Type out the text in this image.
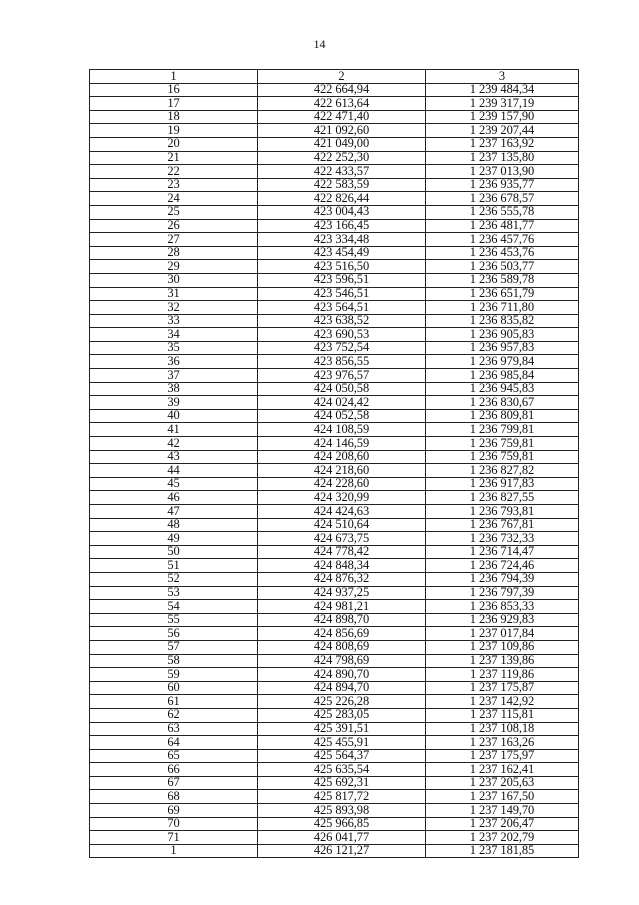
14
1	2	3
16	422 664,94	1 239 484,34
17	422 613,64	1 239 317,19
18	422 471,40	1 239 157,90
19	421 092,60	1 239 207,44
20	421 049,00	1 237 163,92
21	422 252,30	1 237 135,80
22	422 433,57	1 237 013,90
23	422 583,59	1 236 935,77
24	422 826,44	1 236 678,57
25	423 004,43	1 236 555,78
26	423 166,45	1 236 481,77
27	423 334,48	1 236 457,76
28	423 454,49	1 236 453,76
29	423 516,50	1 236 503,77
30	423 596,51	1 236 589,78
31	423 546,51	1 236 651,79
32	423 564,51	1 236 711,80
33	423 638,52	1 236 835,82
34	423 690,53	1 236 905,83
35	423 752,54	1 236 957,83
36	423 856,55	1 236 979,84
37	423 976,57	1 236 985,84
38	424 050,58	1 236 945,83
39	424 024,42	1 236 830,67
40	424 052,58	1 236 809,81
41	424 108,59	1 236 799,81
42	424 146,59	1 236 759,81
43	424 208,60	1 236 759,81
44	424 218,60	1 236 827,82
45	424 228,60	1 236 917,83
46	424 320,99	1 236 827,55
47	424 424,63	1 236 793,81
48	424 510,64	1 236 767,81
49	424 673,75	1 236 732,33
50	424 778,42	1 236 714,47
51	424 848,34	1 236 724,46
52	424 876,32	1 236 794,39
53	424 937,25	1 236 797,39
54	424 981,21	1 236 853,33
55	424 898,70	1 236 929,83
56	424 856,69	1 237 017,84
57	424 808,69	1 237 109,86
58	424 798,69	1 237 139,86
59	424 890,70	1 237 119,86
60	424 894,70	1 237 175,87
61	425 226,28	1 237 142,92
62	425 283,05	1 237 115,81
63	425 391,51	1 237 108,18
64	425 455,91	1 237 163,26
65	425 564,37	1 237 175,97
66	425 635,54	1 237 162,41
67	425 692,31	1 237 205,63
68	425 817,72	1 237 167,50
69	425 893,98	1 237 149,70
70	425 966,85	1 237 206,47
71	426 041,77	1 237 202,79
1	426 121,27	1 237 181,85
